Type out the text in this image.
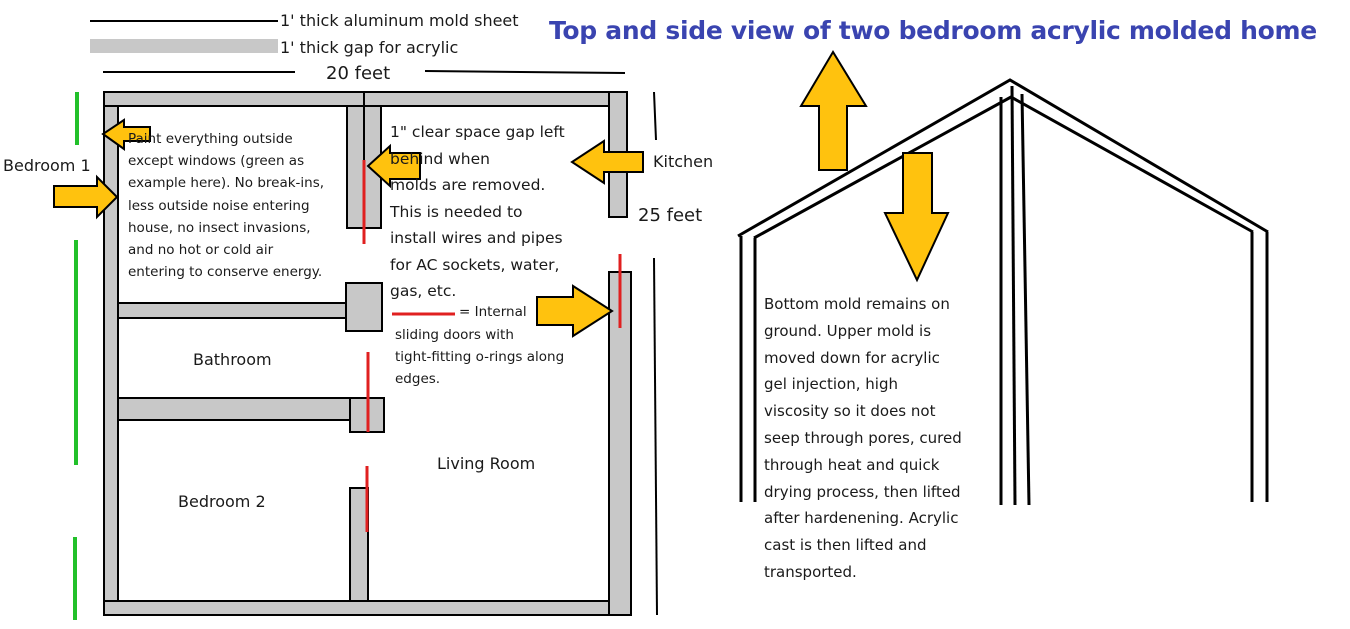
Top and side view of two bedroom acrylic molded home
1' thick aluminum mold sheet
1' thick gap for acrylic
20 feet
25 feet
Bedroom 1
Bedroom 2
Bathroom
Living Room
Kitchen
Paint everything outside
except windows (green as
example here). No break-ins,
less outside noise entering
house, no insect invasions,
and no hot or cold air
entering to conserve energy.
1" clear space gap left
behind when
molds are removed.
This is needed to
install wires and pipes
for AC sockets, water,
gas, etc.
= Internal
sliding doors with
tight-fitting o-rings along
edges.
Bottom mold remains on
ground. Upper mold is
moved down for acrylic
gel injection, high
viscosity so it does not
seep through pores, cured
through heat and quick
drying process, then lifted
after hardenening. Acrylic
cast is then lifted and
transported.
